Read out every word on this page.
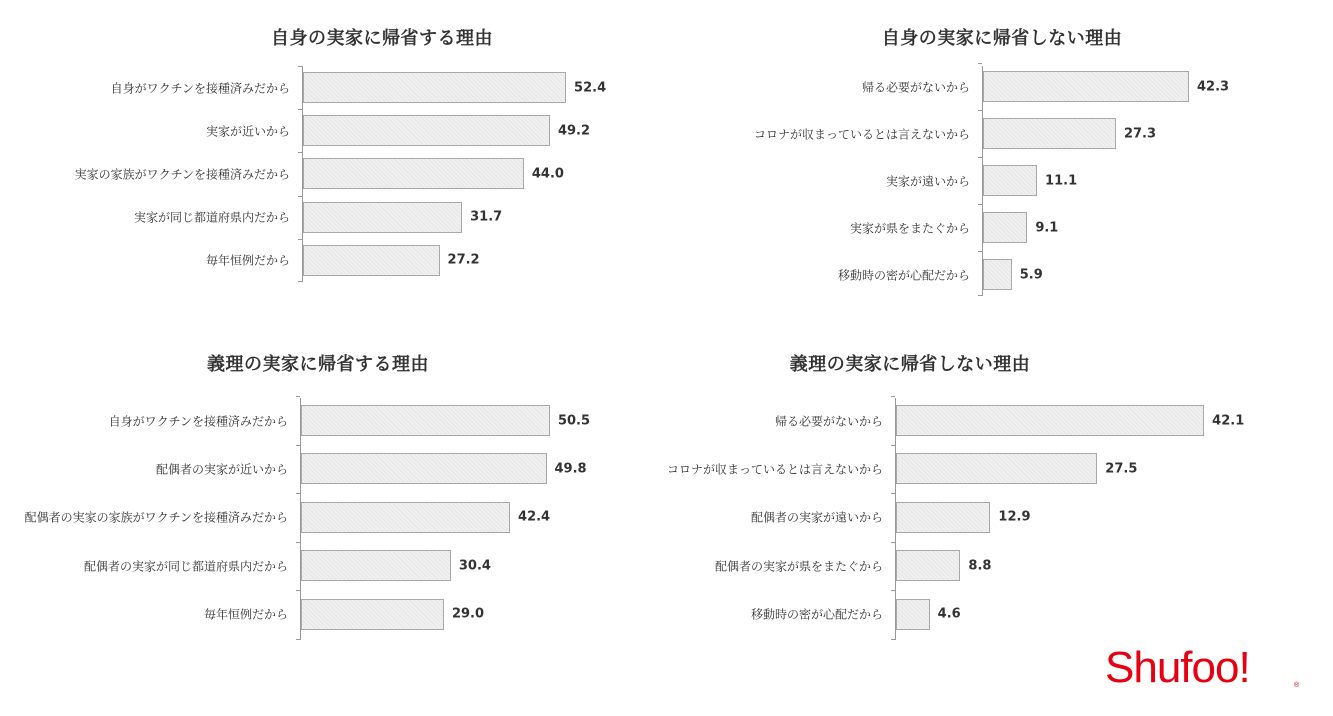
自身の実家に帰省する理由
自身がワクチンを接種済みだから	52.4
実家が近いから	49.2
実家の家族がワクチンを接種済みだから	44.0
実家が同じ都道府県内だから	31.7
毎年恒例だから	27.2
自身の実家に帰省しない理由
帰る必要がないから	42.3
コロナが収まっているとは言えないから	27.3
実家が遠いから	11.1
実家が県をまたぐから	9.1
移動時の密が心配だから	5.9
義理の実家に帰省する理由
自身がワクチンを接種済みだから	50.5
配偶者の実家が近いから	49.8
配偶者の実家の家族がワクチンを接種済みだから	42.4
配偶者の実家が同じ都道府県内だから	30.4
毎年恒例だから	29.0
義理の実家に帰省しない理由
帰る必要がないから	42.1
コロナが収まっているとは言えないから	27.5
配偶者の実家が遠いから	12.9
配偶者の実家が県をまたぐから	8.8
移動時の密が心配だから	4.6
Shufoo!	®
